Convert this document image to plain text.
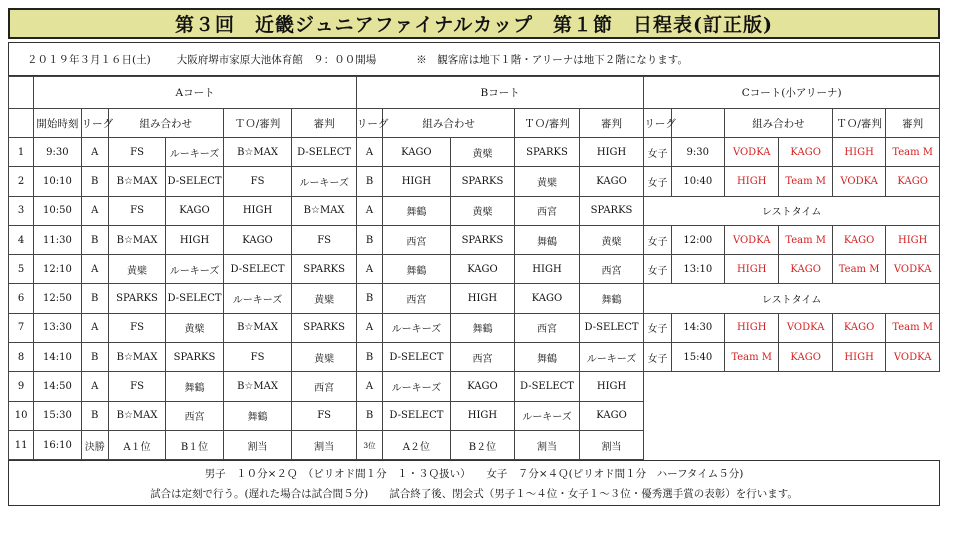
第３回　近畿ジュニアファイナルカップ　第１節　日程表(訂正版)
２０１９年３月１６日(土) 大阪府堺市家原大池体育館　９：００開場	※　観客席は地下１階・アリーナは地下２階になります。
	Aコート						Bコート					Cコート(小アリーナ)					
	開始時刻	リーグ	組み合わせ		ＴＯ/審判	審判	リーグ	組み合わせ		ＴＯ/審判	審判	リーグ		組み合わせ		ＴＯ/審判	審判
1	9:30	A	FS	ルーキーズ	B☆MAX	D-SELECT	A	KAGO	黄檗	SPARKS	HIGH	女子	9:30	VODKA	KAGO	HIGH	Team M
2	10:10	B	B☆MAX	D-SELECT	FS	ルーキーズ	B	HIGH	SPARKS	黄檗	KAGO	女子	10:40	HIGH	Team M	VODKA	KAGO
3	10:50	A	FS	KAGO	HIGH	B☆MAX	A	舞鶴	黄檗	西宮	SPARKS	レストタイム					
4	11:30	B	B☆MAX	HIGH	KAGO	FS	B	西宮	SPARKS	舞鶴	黄檗	女子	12:00	VODKA	Team M	KAGO	HIGH
5	12:10	A	黄檗	ルーキーズ	D-SELECT	SPARKS	A	舞鶴	KAGO	HIGH	西宮	女子	13:10	HIGH	KAGO	Team M	VODKA
6	12:50	B	SPARKS	D-SELECT	ルーキーズ	黄檗	B	西宮	HIGH	KAGO	舞鶴	レストタイム					
7	13:30	A	FS	黄檗	B☆MAX	SPARKS	A	ルーキーズ	舞鶴	西宮	D-SELECT	女子	14:30	HIGH	VODKA	KAGO	Team M
8	14:10	B	B☆MAX	SPARKS	FS	黄檗	B	D-SELECT	西宮	舞鶴	ルーキーズ	女子	15:40	Team M	KAGO	HIGH	VODKA
9	14:50	A	FS	舞鶴	B☆MAX	西宮	A	ルーキーズ	KAGO	D-SELECT	HIGH						
10	15:30	B	B☆MAX	西宮	舞鶴	FS	B	D-SELECT	HIGH	ルーキーズ	KAGO						
11	16:10	決勝	A１位	B１位	割当	割当	3位	A２位	B２位	割当	割当						
男子　１０分×２Ｑ　（ピリオド間１分　１・３Ｑ扱い）　　女子　７分×４Ｑ(ピリオド間１分　ハーフタイム５分)
試合は定刻で行う。(遅れた場合は試合間５分)　　試合終了後、閉会式（男子１～４位・女子１～３位・優秀選手賞の表彰）を行います。
